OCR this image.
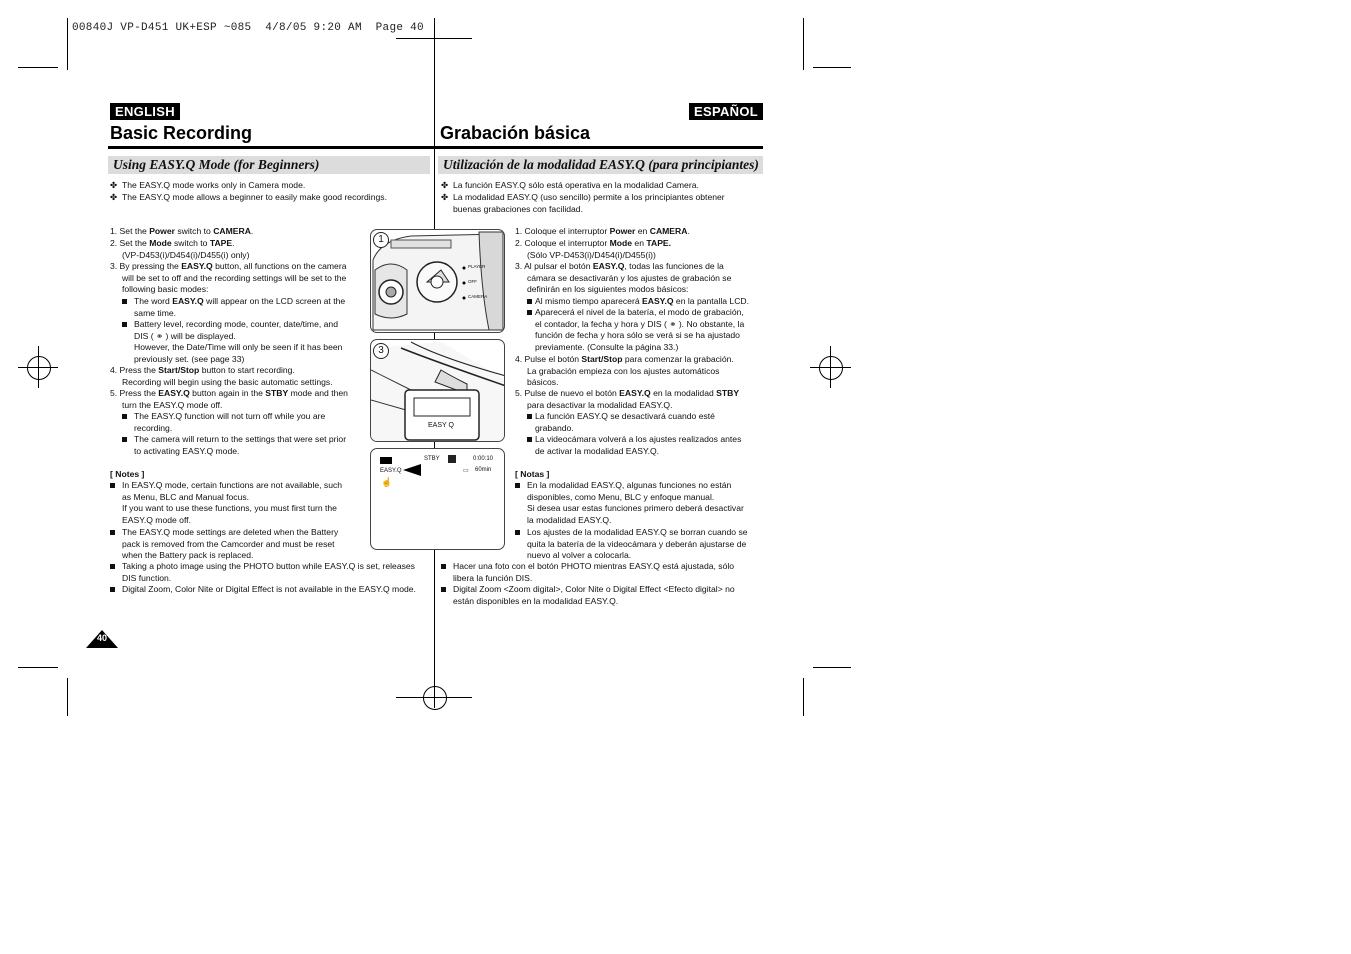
00840J VP-D451 UK+ESP ~085  4/8/05 9:20 AM  Page 40
ENGLISH	ESPAÑOL
Basic Recording	Grabación básica
Using EASY.Q Mode (for Beginners)	Utilización de la modalidad EASY.Q (para principiantes)
✤ The EASY.Q mode works only in Camera mode.
✤ The EASY.Q mode allows a beginner to easily make good recordings.
1. Set the Power switch to CAMERA.
2. Set the Mode switch to TAPE.
(VP-D453(i)/D454(i)/D455(i) only)
3. By pressing the EASY.Q button, all functions on the camera
will be set to off and the recording settings will be set to the
following basic modes:
The word EASY.Q will appear on the LCD screen at the
same time.
Battery level, recording mode, counter, date/time, and
DIS ( ⚭ ) will be displayed.
However, the Date/Time will only be seen if it has been
previously set. (see page 33)
4. Press the Start/Stop button to start recording.
Recording will begin using the basic automatic settings.
5. Press the EASY.Q button again in the STBY mode and then
turn the EASY.Q mode off.
The EASY.Q function will not turn off while you are
recording.
The camera will return to the settings that were set prior
to activating EASY.Q mode.
[ Notes ]
In EASY.Q mode, certain functions are not available, such
as Menu, BLC and Manual focus.
If you want to use these functions, you must first turn the
EASY.Q mode off.
The EASY.Q mode settings are deleted when the Battery
pack is removed from the Camcorder and must be reset
when the Battery pack is replaced.
Taking a photo image using the PHOTO button while EASY.Q is set, releases
DIS function.
Digital Zoom, Color Nite or Digital Effect is not available in the EASY.Q mode.
✤ La función EASY.Q sólo está operativa en la modalidad Camera.
✤ La modalidad EASY.Q (uso sencillo) permite a los principiantes obtener
buenas grabaciones con facilidad.
1. Coloque el interruptor Power en CAMERA.
2. Coloque el interruptor Mode en TAPE.
(Sólo VP-D453(i)/D454(i)/D455(i))
3. Al pulsar el botón EASY.Q, todas las funciones de la
cámara se desactivarán y los ajustes de grabación se
definirán en los siguientes modos básicos:
Al mismo tiempo aparecerá EASY.Q en la pantalla LCD.
Aparecerá el nivel de la batería, el modo de grabación,
el contador, la fecha y hora y DIS ( ⚭ ). No obstante, la
función de fecha y hora sólo se verá si se ha ajustado
previamente. (Consulte la página 33.)
4. Pulse el botón Start/Stop para comenzar la grabación.
La grabación empieza con los ajustes automáticos
básicos.
5. Pulse de nuevo el botón EASY.Q en la modalidad STBY
para desactivar la modalidad EASY.Q.
La función EASY.Q se desactivará cuando esté
grabando.
La videocámara volverá a los ajustes realizados antes
de activar la modalidad EASY.Q.
[ Notas ]
En la modalidad EASY.Q, algunas funciones no están
disponibles, como Menu, BLC y enfoque manual.
Si desea usar estas funciones primero deberá desactivar
la modalidad EASY.Q.
Los ajustes de la modalidad EASY.Q se borran cuando se
quita la batería de la videocámara y deberán ajustarse de
nuevo al volver a colocarla.
Hacer una foto con el botón PHOTO mientras EASY.Q está ajustada, sólo
libera la función DIS.
Digital Zoom <Zoom digital>, Color Nite o Digital Effect <Efecto digital> no
están disponibles en la modalidad EASY.Q.
PLAYER
OFF
CAMERA
1
EASY Q
3
STBY	0:00:10
▭ 60min
EASY.Q
☝
40
